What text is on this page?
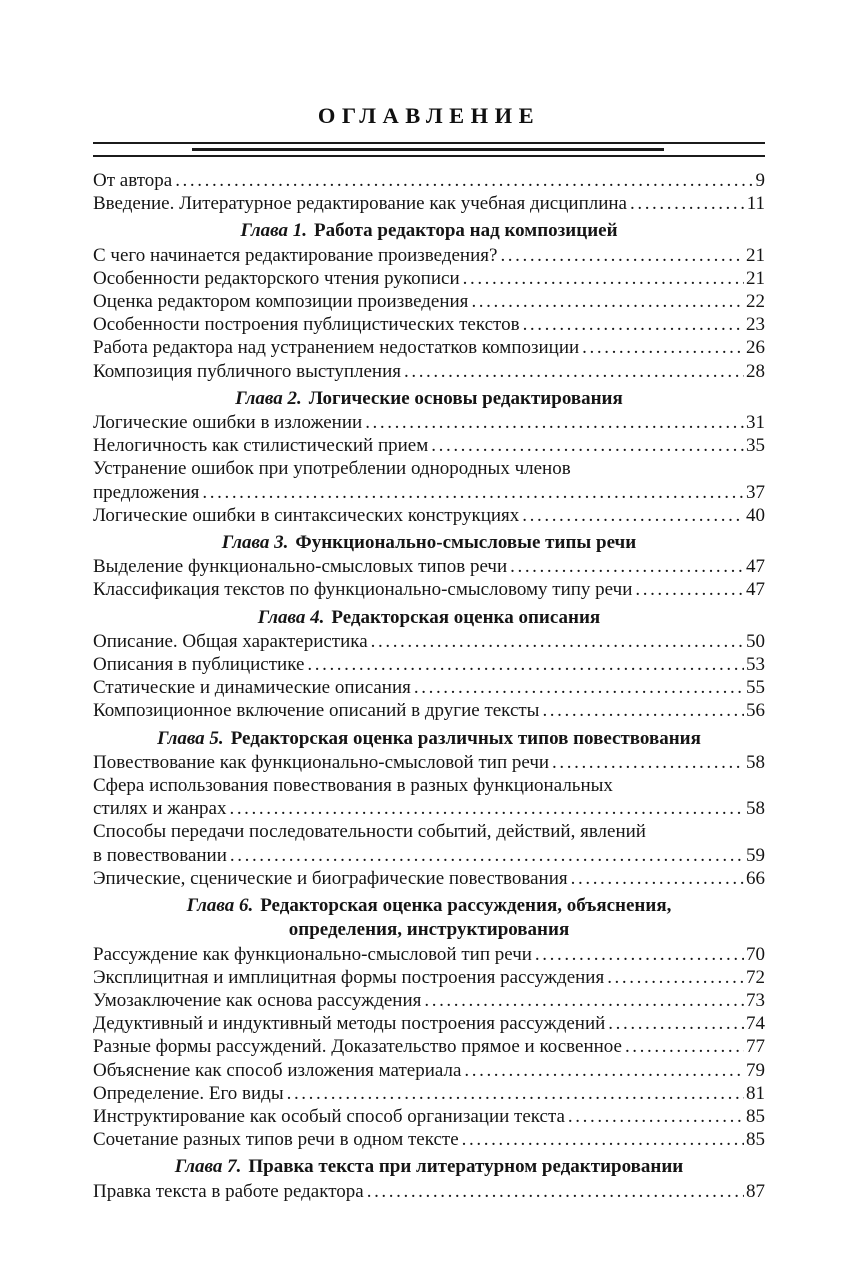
ОГЛАВЛЕНИЕ
От автора .....	9
Введение. Литературное редактирование как учебная дисциплина .....	11
Глава 1. Работа редактора над композицией
С чего начинается редактирование произведения? .....	21
Особенности редакторского чтения рукописи .....	21
Оценка редактором композиции произведения .....	22
Особенности построения публицистических текстов .....	23
Работа редактора над устранением недостатков композиции .....	26
Композиция публичного выступления .....	28
Глава 2. Логические основы редактирования
Логические ошибки в изложении .....	31
Нелогичность как стилистический прием .....	35
Устранение ошибок при употреблении однородных членов
предложения .....	37
Логические ошибки в синтаксических конструкциях .....	40
Глава 3. Функционально-смысловые типы речи
Выделение функционально-смысловых типов речи .....	47
Классификация текстов по функционально-смысловому типу речи .....	47
Глава 4. Редакторская оценка описания
Описание. Общая характеристика .....	50
Описания в публицистике .....	53
Статические и динамические описания .....	55
Композиционное включение описаний в другие тексты .....	56
Глава 5. Редакторская оценка различных типов повествования
Повествование как функционально-смысловой тип речи .....	58
Сфера использования повествования в разных функциональных
стилях и жанрах .....	58
Способы передачи последовательности событий, действий, явлений
в повествовании .....	59
Эпические, сценические и биографические повествования .....	66
Глава 6. Редакторская оценка рассуждения, объяснения,
определения, инструктирования
Рассуждение как функционально-смысловой тип речи .....	70
Эксплицитная и имплицитная формы построения рассуждения .....	72
Умозаключение как основа рассуждения .....	73
Дедуктивный и индуктивный методы построения рассуждений .....	74
Разные формы рассуждений. Доказательство прямое и косвенное .....	77
Объяснение как способ изложения материала .....	79
Определение. Его виды .....	81
Инструктирование как особый способ организации текста .....	85
Сочетание разных типов речи в одном тексте .....	85
Глава 7. Правка текста при литературном редактировании
Правка текста в работе редактора .....	87
